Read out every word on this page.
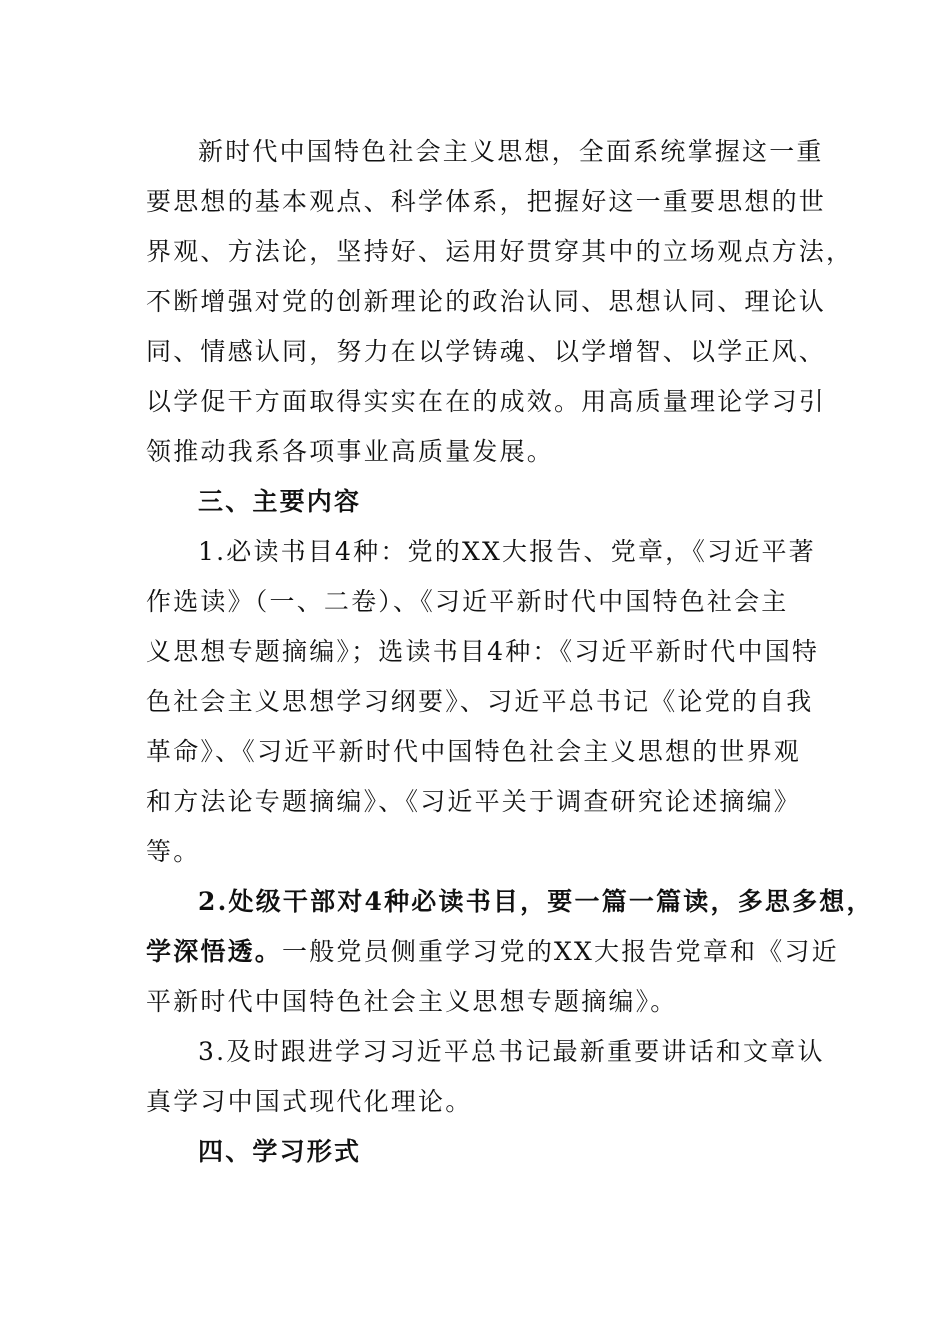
新时代中国特色社会主义思想，全面系统掌握这一重
要思想的基本观点、科学体系，把握好这一重要思想的世
界观、方法论，坚持好、运用好贯穿其中的立场观点方法，
不断增强对党的创新理论的政治认同、思想认同、理论认
同、情感认同，努力在以学铸魂、以学增智、以学正风、
以学促干方面取得实实在在的成效。用高质量理论学习引
领推动我系各项事业高质量发展。
三、主要内容
1.必读书目4种：党的XX大报告、党章，《习近平著
作选读》（一、二卷）、《习近平新时代中国特色社会主
义思想专题摘编》；选读书目4种：《习近平新时代中国特
色社会主义思想学习纲要》、习近平总书记《论党的自我
革命》、《习近平新时代中国特色社会主义思想的世界观
和方法论专题摘编》、《习近平关于调查研究论述摘编》
等。
2.处级干部对4种必读书目，要一篇一篇读，多思多想，
学深悟透。一般党员侧重学习党的XX大报告党章和《习近
平新时代中国特色社会主义思想专题摘编》。
3.及时跟进学习习近平总书记最新重要讲话和文章认
真学习中国式现代化理论。
四、学习形式
